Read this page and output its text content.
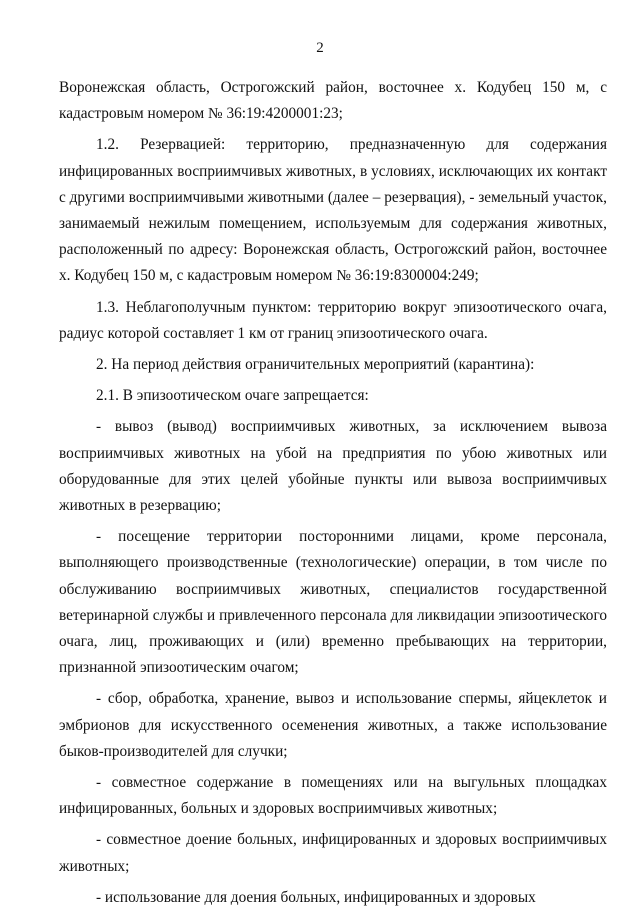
2

Воронежская область, Острогожский район, восточнее х. Кодубец 150 м, с кадастровым номером № 36:19:4200001:23;

1.2. Резервацией: территорию, предназначенную для содержания инфицированных восприимчивых животных, в условиях, исключающих их контакт с другими восприимчивыми животными (далее – резервация), - земельный участок, занимаемый нежилым помещением, используемым для содержания животных, расположенный по адресу: Воронежская область, Острогожский район, восточнее х. Кодубец 150 м, с кадастровым номером № 36:19:8300004:249;

1.3. Неблагополучным пунктом: территорию вокруг эпизоотического очага, радиус которой составляет 1 км от границ эпизоотического очага.

2. На период действия ограничительных мероприятий (карантина):

2.1. В эпизоотическом очаге запрещается:

- вывоз (вывод) восприимчивых животных, за исключением вывоза восприимчивых животных на убой на предприятия по убою животных или оборудованные для этих целей убойные пункты или вывоза восприимчивых животных в резервацию;

- посещение территории посторонними лицами, кроме персонала, выполняющего производственные (технологические) операции, в том числе по обслуживанию восприимчивых животных, специалистов государственной ветеринарной службы и привлеченного персонала для ликвидации эпизоотического очага, лиц, проживающих и (или) временно пребывающих на территории, признанной эпизоотическим очагом;

- сбор, обработка, хранение, вывоз и использование спермы, яйцеклеток и эмбрионов для искусственного осеменения животных, а также использование быков-производителей для случки;

- совместное содержание в помещениях или на выгульных площадках инфицированных, больных и здоровых восприимчивых животных;

- совместное доение больных, инфицированных и здоровых восприимчивых животных;

- использование для доения больных, инфицированных и здоровых
